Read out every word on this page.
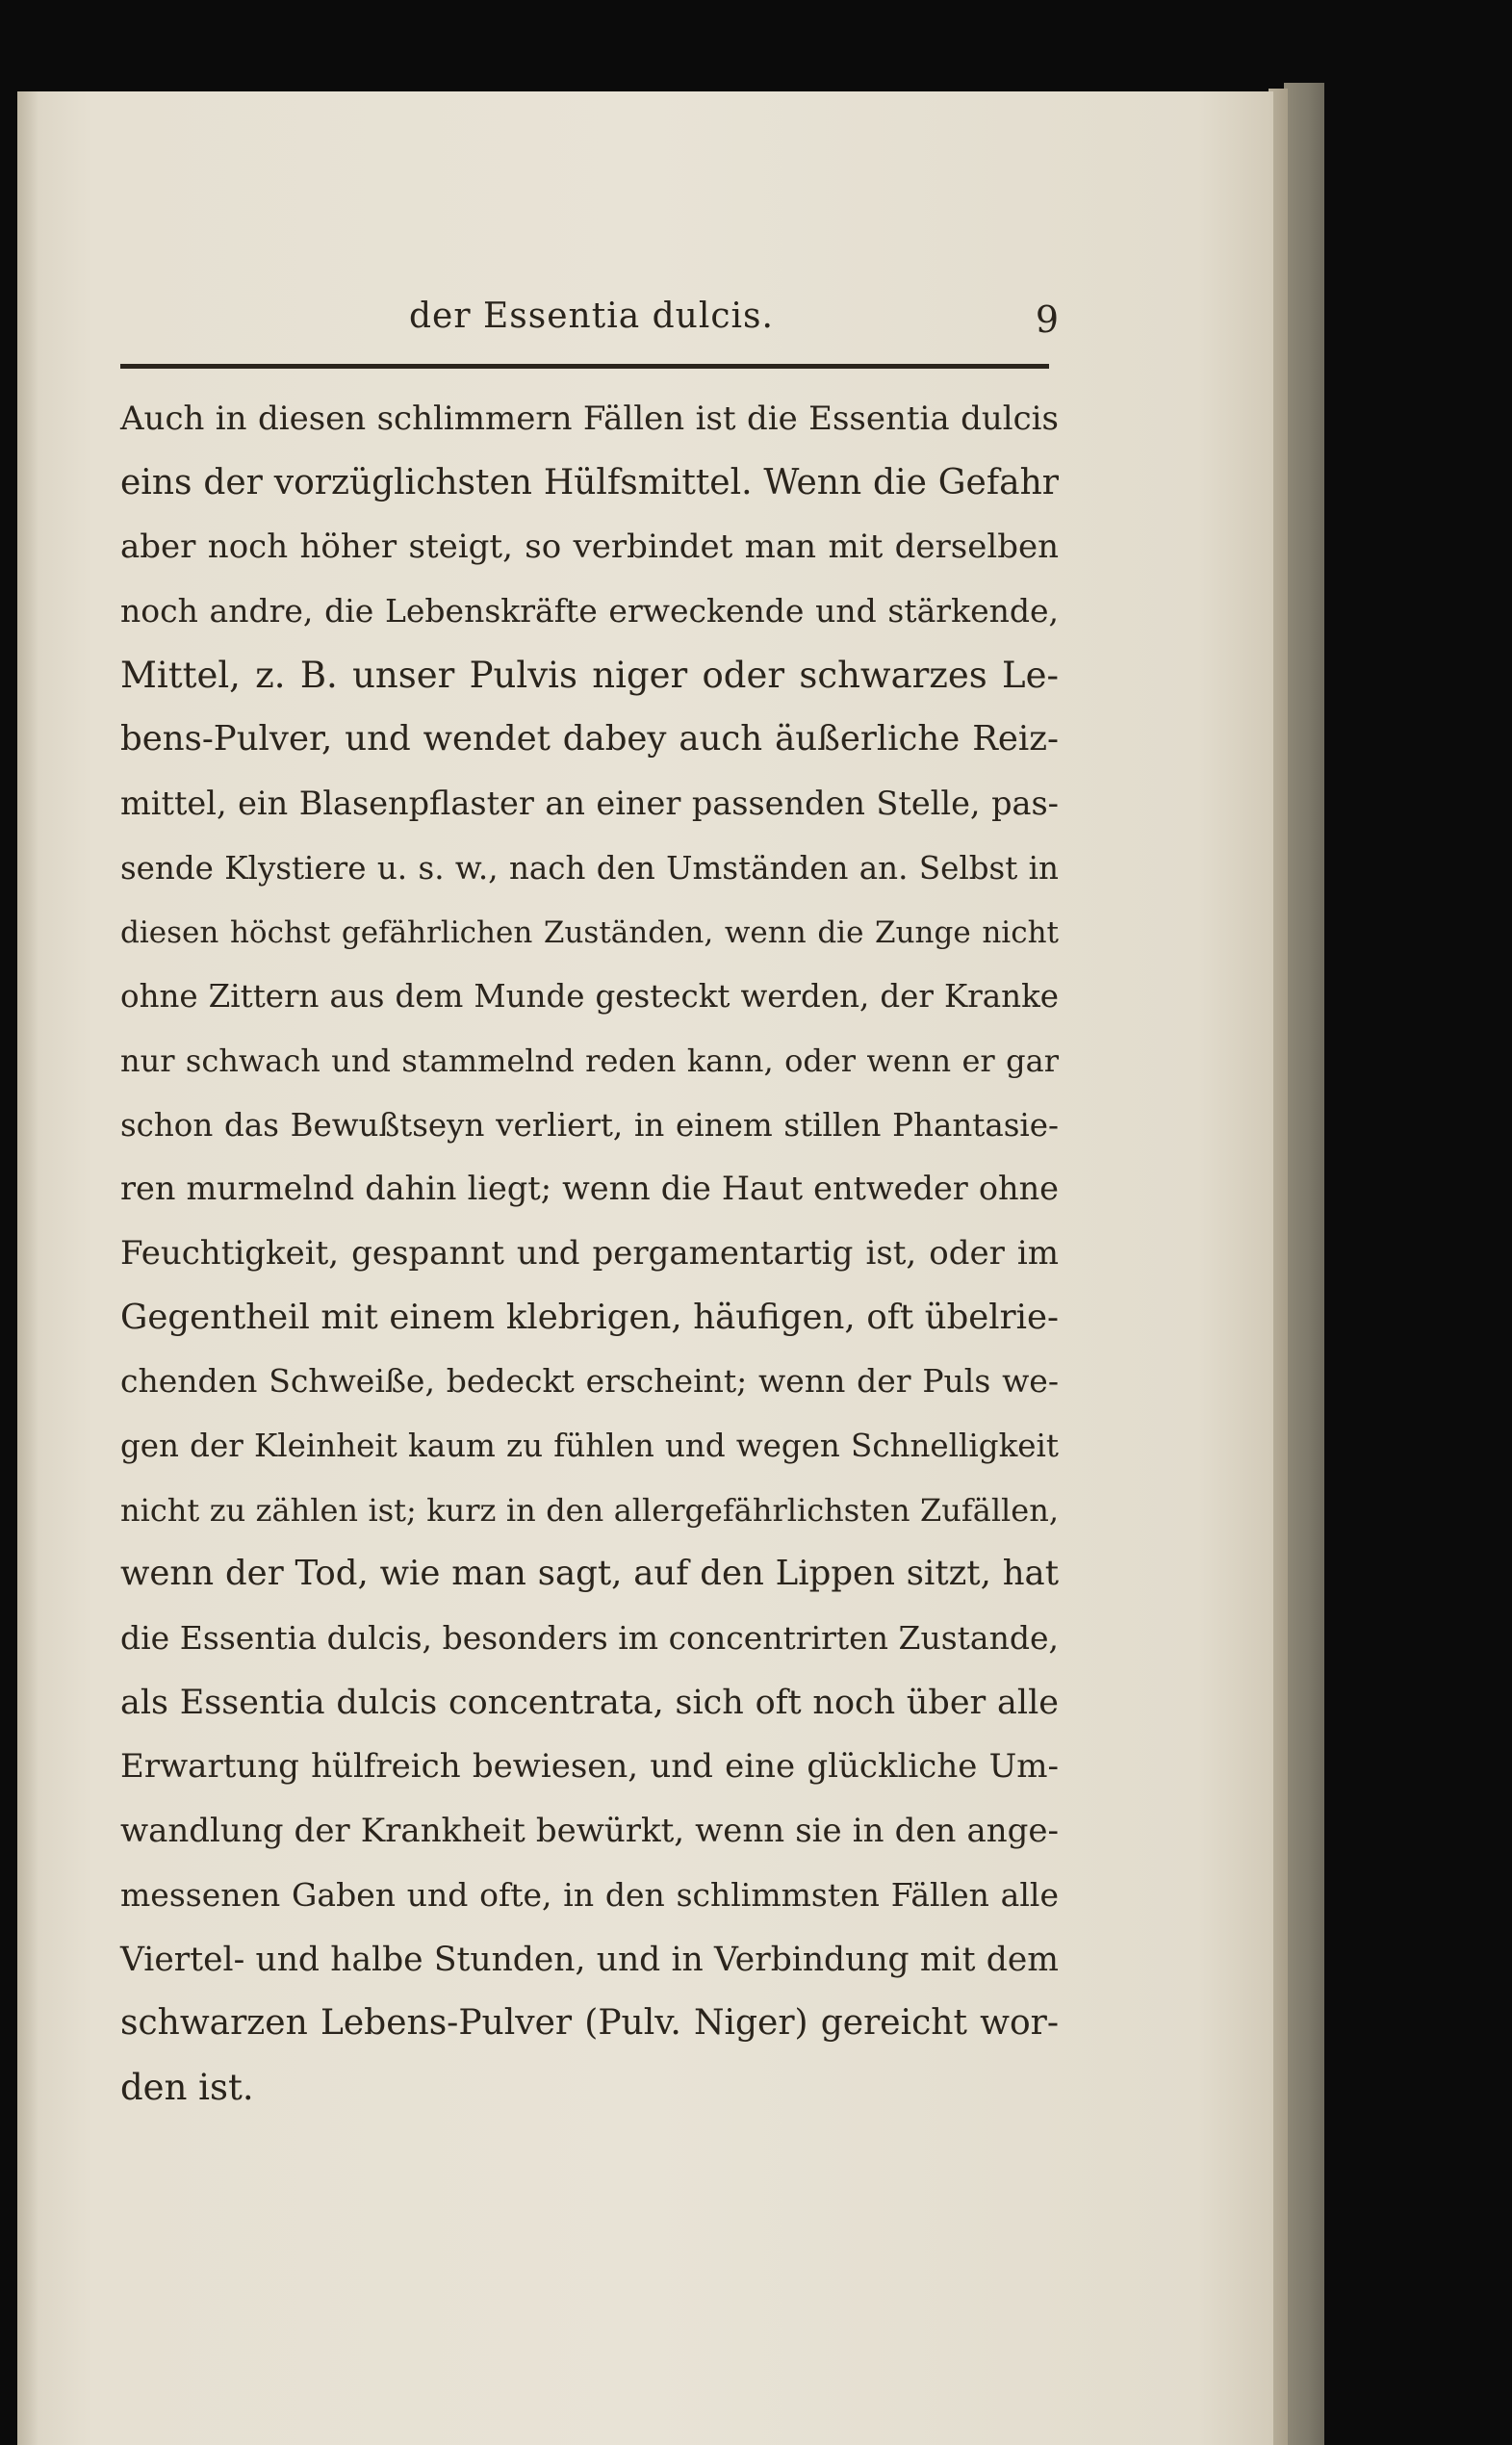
der Essentia dulcis.	9
Auch in diesen schlimmern Fällen ist die Essentia dulcis
eins der vorzüglichsten Hülfsmittel. Wenn die Gefahr
aber noch höher steigt, so verbindet man mit derselben
noch andre, die Lebenskräfte erweckende und stärkende,
Mittel, z. B. unser Pulvis niger oder schwarzes Le-
bens-Pulver, und wendet dabey auch äußerliche Reiz-
mittel, ein Blasenpflaster an einer passenden Stelle, pas-
sende Klystiere u. s. w., nach den Umständen an. Selbst in
diesen höchst gefährlichen Zuständen, wenn die Zunge nicht
ohne Zittern aus dem Munde gesteckt werden, der Kranke
nur schwach und stammelnd reden kann, oder wenn er gar
schon das Bewußtseyn verliert, in einem stillen Phantasie-
ren murmelnd dahin liegt; wenn die Haut entweder ohne
Feuchtigkeit, gespannt und pergamentartig ist, oder im
Gegentheil mit einem klebrigen, häufigen, oft übelrie-
chenden Schweiße, bedeckt erscheint; wenn der Puls we-
gen der Kleinheit kaum zu fühlen und wegen Schnelligkeit
nicht zu zählen ist; kurz in den allergefährlichsten Zufällen,
wenn der Tod, wie man sagt, auf den Lippen sitzt, hat
die Essentia dulcis, besonders im concentrirten Zustande,
als Essentia dulcis concentrata, sich oft noch über alle
Erwartung hülfreich bewiesen, und eine glückliche Um-
wandlung der Krankheit bewürkt, wenn sie in den ange-
messenen Gaben und ofte, in den schlimmsten Fällen alle
Viertel- und halbe Stunden, und in Verbindung mit dem
schwarzen Lebens-Pulver (Pulv. Niger) gereicht wor-
den ist.
